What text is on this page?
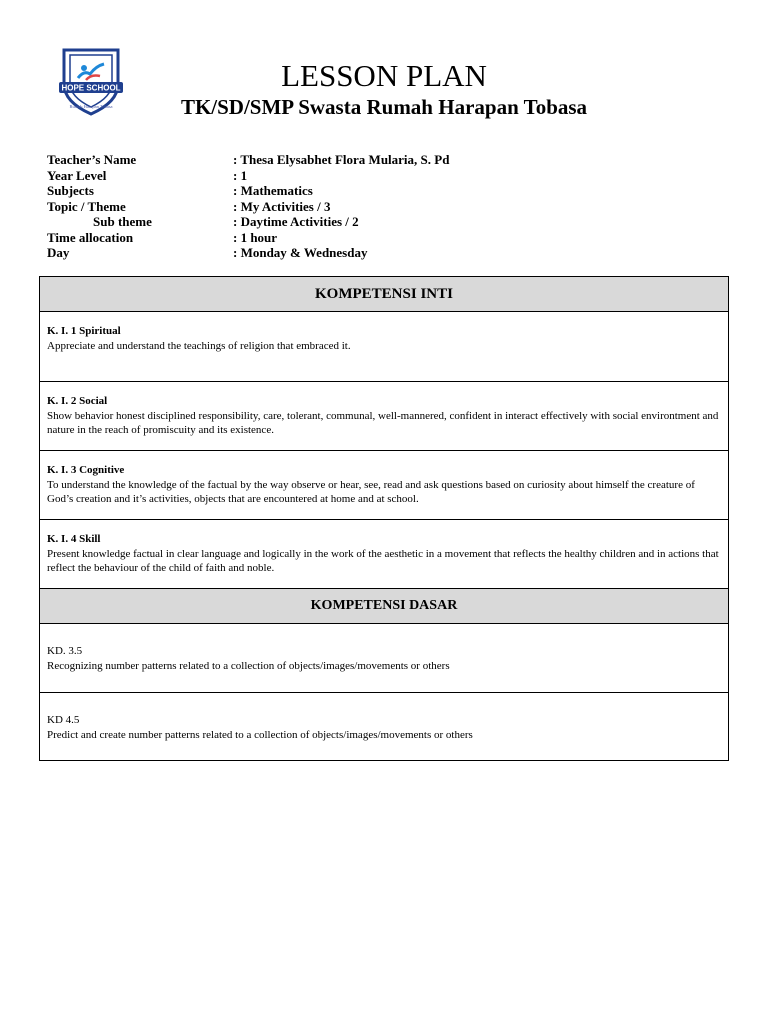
HOPE SCHOOL
Rumah Harapan Tobasa
LESSON PLAN
TK/SD/SMP Swasta Rumah Harapan Tobasa
Teacher’s Name	: Thesa Elysabhet Flora Mularia, S. Pd
Year Level	: 1
Subjects	: Mathematics
Topic / Theme	: My Activities / 3
Sub theme	: Daytime Activities / 2
Time allocation	: 1 hour
Day	: Monday & Wednesday
KOMPETENSI INTI
K. I. 1 Spiritual
Appreciate and understand the teachings of religion that embraced it.
K. I. 2 Social
Show behavior honest disciplined responsibility, care, tolerant, communal, well-mannered, confident in interact effectively with social environtment and nature in the reach of promiscuity and its existence.
K. I. 3 Cognitive
To understand the knowledge of the factual by the way observe or hear, see, read and ask questions based on curiosity about himself the creature of God’s creation and it’s activities, objects that are encountered at home and at school.
K. I. 4 Skill
Present knowledge factual in clear language and logically in the work of the aesthetic in a movement that reflects the healthy children and in actions that reflect the behaviour of the child of faith and noble.
KOMPETENSI DASAR
KD. 3.5
Recognizing number patterns related to a collection of objects/images/movements or others
KD 4.5
Predict and create number patterns related to a collection of objects/images/movements or others
